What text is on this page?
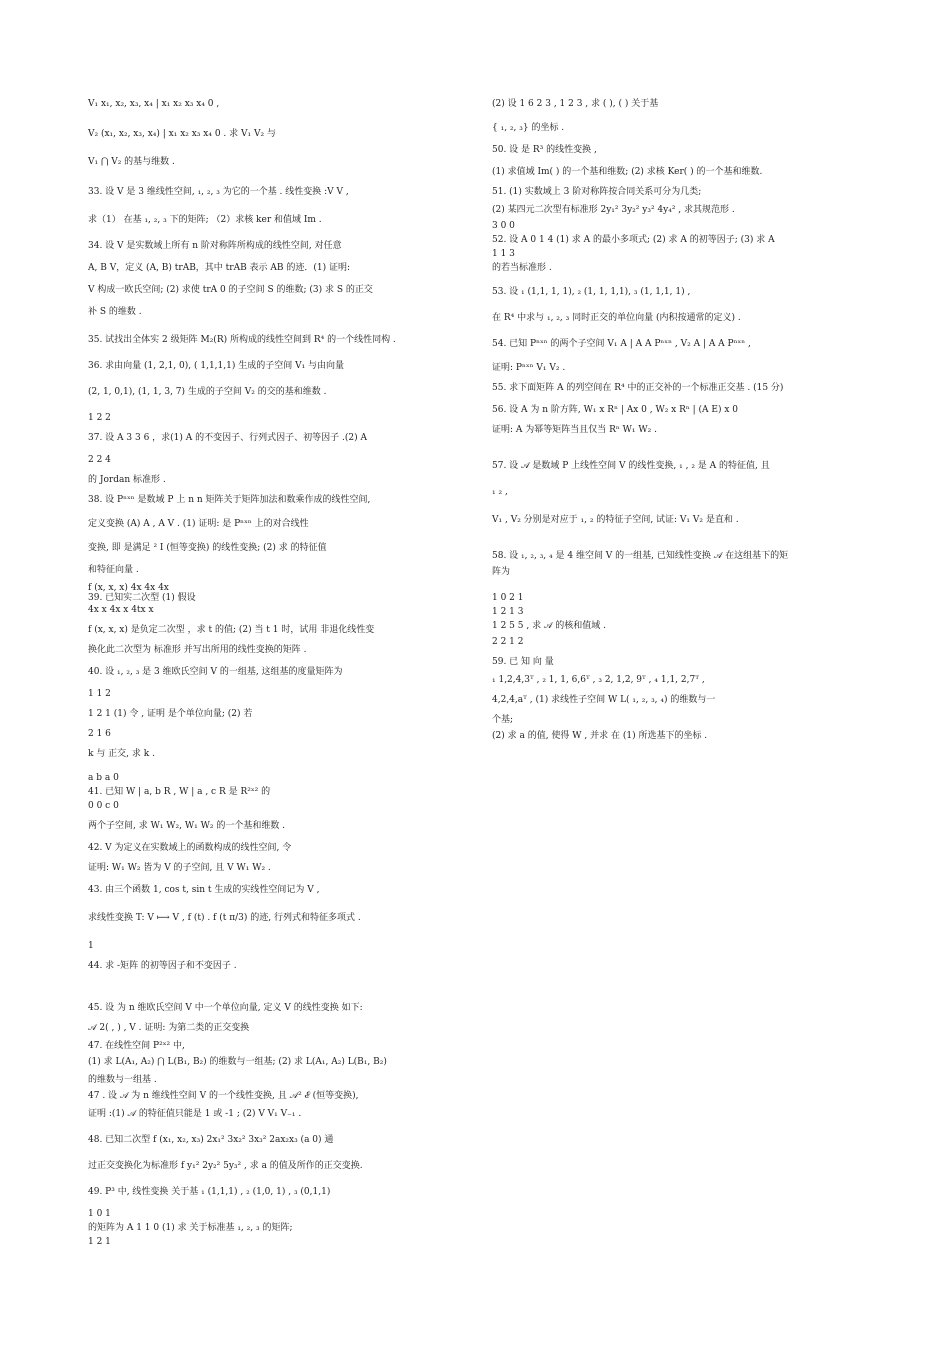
V₁ x₁, x₂, x₃, x₄ | x₁ x₂ x₃ x₄ 0 ,
V₂ (x₁, x₂, x₃, x₄) | x₁ x₂ x₃ x₄ 0 . 求 V₁ V₂ 与
V₁ ⋂ V₂ 的基与维数 .
33. 设 V 是 3 维线性空间, ₁, ₂, ₃ 为它的一个基 . 线性变换 :V V ,
求（1） 在基 ₁, ₂, ₃ 下的矩阵; （2）求核 ker 和值域 Im .
34. 设 V 是实数域上所有 n 阶对称阵所构成的线性空间, 对任意
A, B V，定义 (A, B) trAB，其中 trAB 表示 AB 的迹．(1) 证明:
V 构成一欧氏空间; (2) 求使 trA 0 的子空间 S 的维数; (3) 求 S 的正交
补 S 的维数 .
35. 试找出全体实 2 级矩阵 M₂(R) 所构成的线性空间到 R⁴ 的一个线性同构 .
36. 求由向量 (1, 2,1, 0), ( 1,1,1,1) 生成的子空间 V₁ 与由向量
(2, 1, 0,1), (1, 1, 3, 7) 生成的子空间 V₂ 的交的基和维数 .
1 2 2
37. 设 A 3 3 6 ，求(1) A 的不变因子、行列式因子、初等因子 .(2) A
2 2 4
的 Jordan 标准形 .
38. 设 Pⁿˣⁿ 是数域 P 上 n n 矩阵关于矩阵加法和数乘作成的线性空间,
定义变换 (A) A , A V . (1) 证明: 是 Pⁿˣⁿ 上的对合线性
变换, 即 是满足 ² I (恒等变换) 的线性变换; (2) 求 的特征值
和特征向量 .
f (x, x, x) 4x 4x 4x
39. 已知实二次型 (1) 假设
4x x 4x x 4tx x
f (x, x, x) 是负定二次型 ，求 t 的值; (2) 当 t 1 时，试用 非退化线性变
换化此二次型为 标准形 并写出所用的线性变换的矩阵 .
40. 设 ₁, ₂, ₃ 是 3 维欧氏空间 V 的一组基, 这组基的度量矩阵为
1 1 2
1 2 1 (1) 令 , 证明 是个单位向量; (2) 若
2 1 6
k 与 正交, 求 k .
a b a 0
41. 已知 W | a, b R , W | a , c R 是 R²ˣ² 的
0 0 c 0
两个子空间, 求 W₁ W₂, W₁ W₂ 的一个基和维数 .
42. V 为定义在实数域上的函数构成的线性空间, 令
证明: W₁ W₂ 皆为 V 的子空间, 且 V W₁ W₂ .
43. 由三个函数 1, cos t, sin t 生成的实线性空间记为 V ,
求线性变换 T: V ⟼ V , f (t) . f (t π/3) 的迹, 行列式和特征多项式 .
1
44. 求 -矩阵 的初等因子和不变因子 .
45. 设 为 n 维欧氏空间 V 中一个单位向量, 定义 V 的线性变换 如下:
𝒜 2( , ) , V . 证明: 为第二类的正交变换
47. 在线性空间 P²ˣ² 中,
(1) 求 L(A₁, A₂) ⋂ L(B₁, B₂) 的维数与一组基; (2) 求 L(A₁, A₂) L(B₁, B₂)
的维数与一组基 .
47 . 设 𝒜 为 n 维线性空间 V 的一个线性变换, 且 𝒜² ℰ (恒等变换),
证明 :(1) 𝒜 的特征值只能是 1 或 -1 ; (2) V V₁ V₋₁ .
48. 已知二次型 f (x₁, x₂, x₃) 2x₁² 3x₂² 3x₃² 2ax₂x₃ (a 0) 通
过正交变换化为标准形 f y₁² 2y₂² 5y₃² , 求 a 的值及所作的正交变换.
49. P³ 中, 线性变换 关于基 ₁ (1,1,1) , ₂ (1,0, 1) , ₃ (0,1,1)
1 0 1
的矩阵为 A 1 1 0 (1) 求 关于标准基 ₁, ₂, ₃ 的矩阵;
1 2 1
(2) 设 1 6 2 3 , 1 2 3 , 求 ( ), ( ) 关于基
{ ₁, ₂, ₃} 的坐标 .
50. 设 是 R³ 的线性变换 ,
(1) 求值域 Im( ) 的一个基和维数; (2) 求核 Ker( ) 的一个基和维数.
51. (1) 实数域上 3 阶对称阵按合同关系可分为几类;
(2) 某四元二次型有标准形 2y₁² 3y₂² y₃² 4y₄² , 求其规范形 .
3 0 0
52. 设 A 0 1 4 (1) 求 A 的最小多项式; (2) 求 A 的初等因子; (3) 求 A
1 1 3
的若当标准形 .
53. 设 ₁ (1,1, 1, 1), ₂ (1, 1, 1,1), ₃ (1, 1,1, 1) ,
在 R⁴ 中求与 ₁, ₂, ₃ 同时正交的单位向量 (内积按通常的定义) .
54. 已知 Pⁿˣⁿ 的两个子空间 V₁ A | A A Pⁿˣⁿ , V₂ A | A A Pⁿˣⁿ ,
证明: Pⁿˣⁿ V₁ V₂ .
55. 求下面矩阵 A 的列空间在 R⁴ 中的正交补的一个标准正交基 . (15 分)
56. 设 A 为 n 阶方阵, W₁ x Rⁿ | Ax 0 , W₂ x Rⁿ | (A E) x 0
证明: A 为幂等矩阵当且仅当 Rⁿ W₁ W₂ .
57. 设 𝒜 是数域 P 上线性空间 V 的线性变换, ₁ , ₂ 是 A 的特征值, 且
₁ ₂ ,
V₁ , V₂ 分别是对应于 ₁, ₂ 的特征子空间, 试证: V₁ V₂ 是直和 .
58. 设 ₁, ₂, ₃, ₄ 是 4 维空间 V 的一组基, 已知线性变换 𝒜 在这组基下的矩
阵为
1 0 2 1
1 2 1 3
1 2 5 5 , 求 𝒜 的核和值域 .
2 2 1 2
59. 已 知 向 量
₁ 1,2,4,3ᵀ , ₂ 1, 1, 6,6ᵀ , ₃ 2, 1,2, 9ᵀ , ₄ 1,1, 2,7ᵀ ,
4,2,4,aᵀ , (1) 求线性子空间 W L( ₁, ₂, ₃, ₄) 的维数与一
个基;
(2) 求 a 的值, 使得 W , 并求 在 (1) 所选基下的坐标 .
